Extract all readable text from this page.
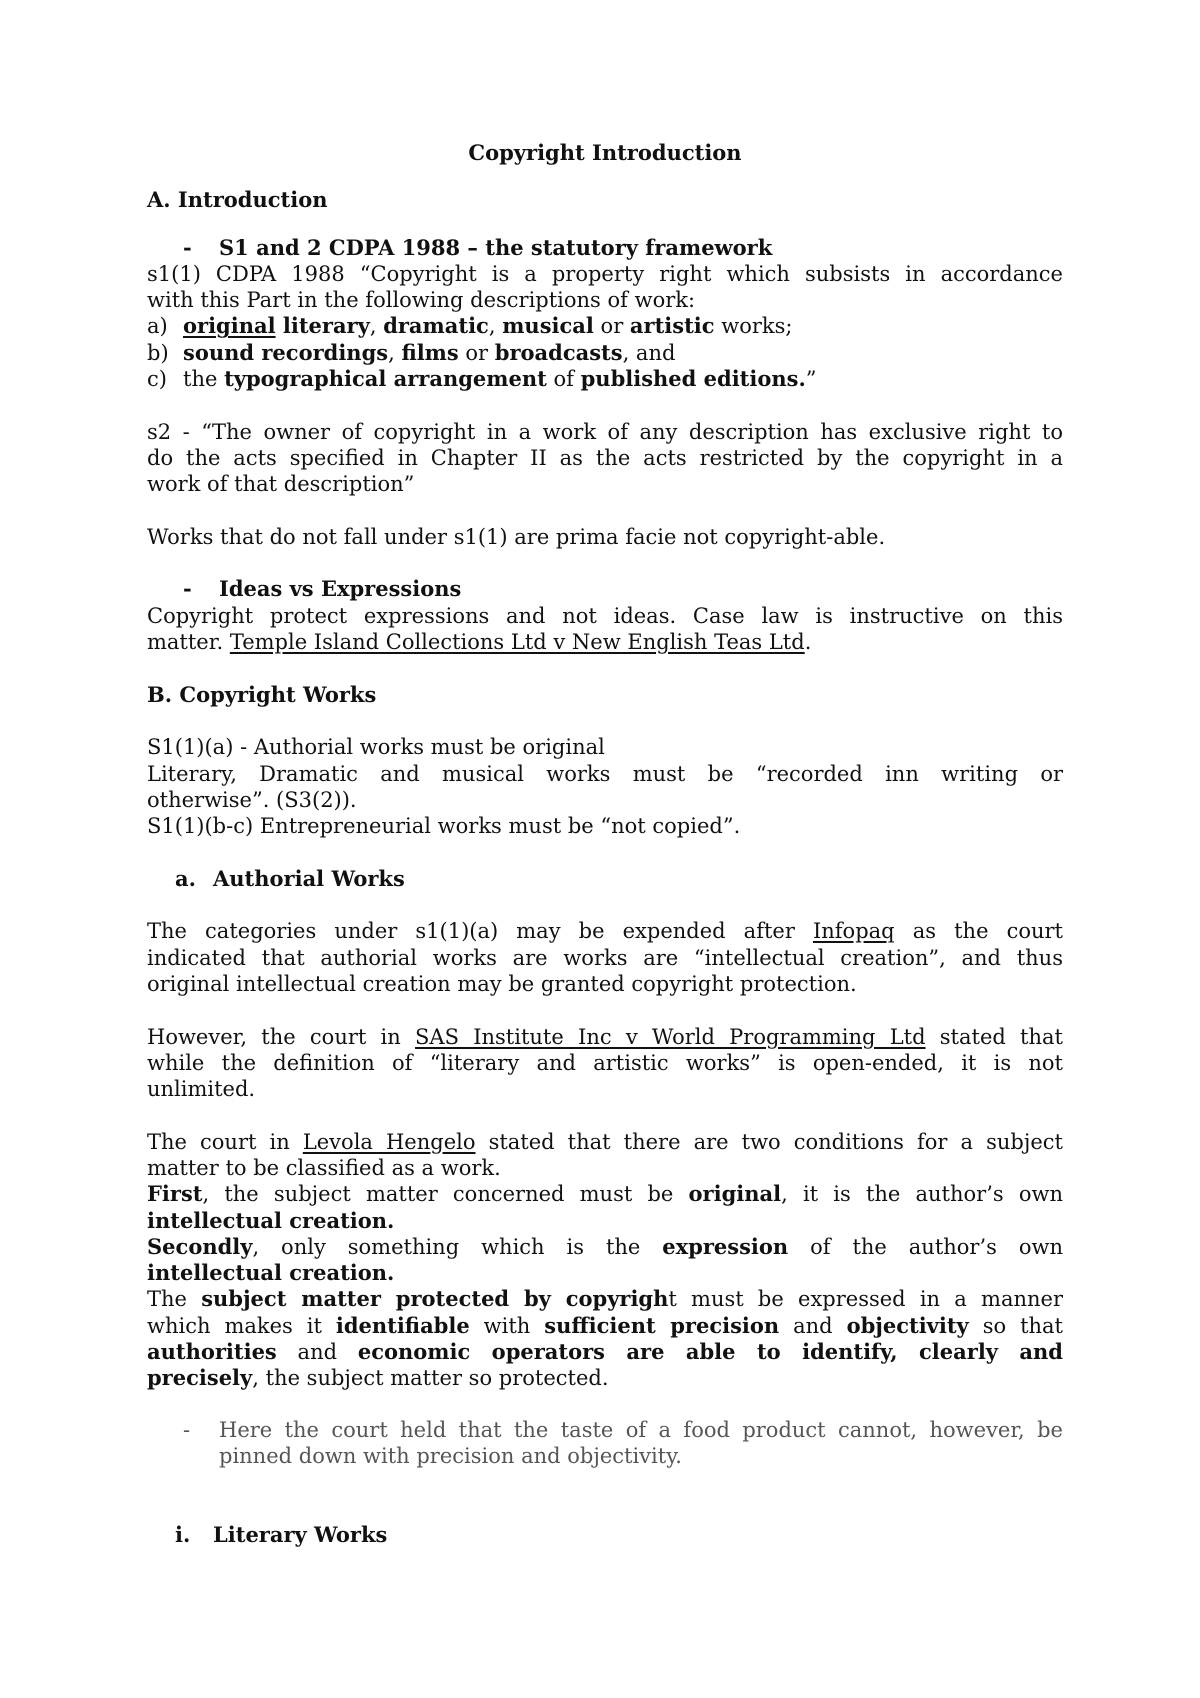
Copyright Introduction

A. Introduction

- S1 and 2 CDPA 1988 – the statutory framework

s1(1) CDPA 1988 “Copyright is a property right which subsists in accordance

with this Part in the following descriptions of work:

a) original literary, dramatic, musical or artistic works;

b) sound recordings, films or broadcasts, and

c) the typographical arrangement of published editions.”

s2 - “The owner of copyright in a work of any description has exclusive right to

do the acts specified in Chapter II as the acts restricted by the copyright in a

work of that description”

Works that do not fall under s1(1) are prima facie not copyright-able.

- Ideas vs Expressions

Copyright protect expressions and not ideas. Case law is instructive on this

matter. Temple Island Collections Ltd v New English Teas Ltd.

B. Copyright Works

S1(1)(a) - Authorial works must be original

Literary, Dramatic and musical works must be “recorded inn writing or

otherwise”. (S3(2)).

S1(1)(b-c) Entrepreneurial works must be “not copied”.

a. Authorial Works

The categories under s1(1)(a) may be expended after Infopaq as the court

indicated that authorial works are works are “intellectual creation”, and thus

original intellectual creation may be granted copyright protection.

However, the court in SAS Institute Inc v World Programming Ltd stated that

while the definition of “literary and artistic works” is open-ended, it is not

unlimited.

The court in Levola Hengelo stated that there are two conditions for a subject

matter to be classified as a work.

First, the subject matter concerned must be original, it is the author’s own

intellectual creation.

Secondly, only something which is the expression of the author’s own

intellectual creation.

The subject matter protected by copyright must be expressed in a manner

which makes it identifiable with sufficient precision and objectivity so that

authorities and economic operators are able to identify, clearly and

precisely, the subject matter so protected.

- Here the court held that the taste of a food product cannot, however, be

pinned down with precision and objectivity.

i. Literary Works
